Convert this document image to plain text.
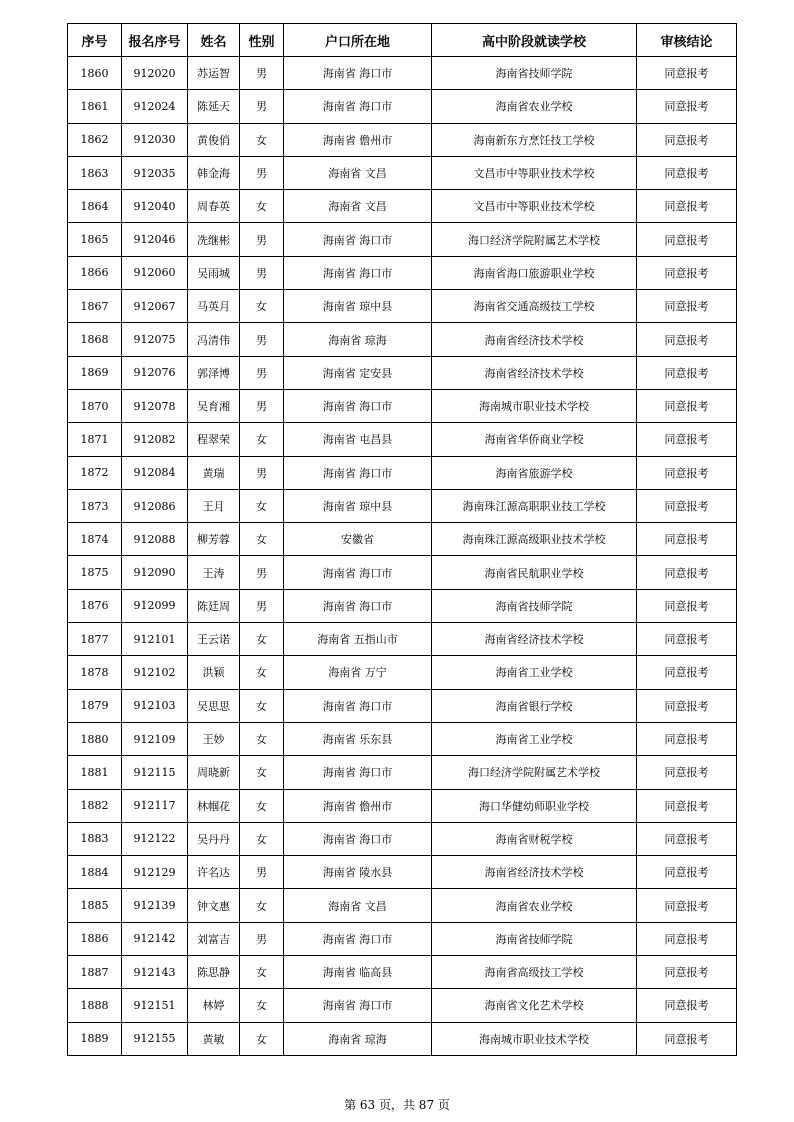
序号	报名序号	姓名	性别	户口所在地	高中阶段就读学校	审核结论
1860	912020	苏运智	男	海南省 海口市	海南省技师学院	同意报考
1861	912024	陈延天	男	海南省 海口市	海南省农业学校	同意报考
1862	912030	黄俊俏	女	海南省 儋州市	海南新东方烹饪技工学校	同意报考
1863	912035	韩金海	男	海南省 文昌	文昌市中等职业技术学校	同意报考
1864	912040	周春英	女	海南省 文昌	文昌市中等职业技术学校	同意报考
1865	912046	冼继彬	男	海南省 海口市	海口经济学院附属艺术学校	同意报考
1866	912060	吴雨城	男	海南省 海口市	海南省海口旅游职业学校	同意报考
1867	912067	马英月	女	海南省 琼中县	海南省交通高级技工学校	同意报考
1868	912075	冯清伟	男	海南省 琼海	海南省经济技术学校	同意报考
1869	912076	郭泽博	男	海南省 定安县	海南省经济技术学校	同意报考
1870	912078	吴育湘	男	海南省 海口市	海南城市职业技术学校	同意报考
1871	912082	程翠荣	女	海南省 屯昌县	海南省华侨商业学校	同意报考
1872	912084	黄瑞	男	海南省 海口市	海南省旅游学校	同意报考
1873	912086	王月	女	海南省 琼中县	海南珠江源高职职业技工学校	同意报考
1874	912088	柳芳蓉	女	安徽省	海南珠江源高级职业技术学校	同意报考
1875	912090	王涛	男	海南省 海口市	海南省民航职业学校	同意报考
1876	912099	陈廷周	男	海南省 海口市	海南省技师学院	同意报考
1877	912101	王云诺	女	海南省 五指山市	海南省经济技术学校	同意报考
1878	912102	洪颖	女	海南省 万宁	海南省工业学校	同意报考
1879	912103	吴思思	女	海南省 海口市	海南省银行学校	同意报考
1880	912109	王妙	女	海南省 乐东县	海南省工业学校	同意报考
1881	912115	周晓新	女	海南省 海口市	海口经济学院附属艺术学校	同意报考
1882	912117	林帼花	女	海南省 儋州市	海口华健幼师职业学校	同意报考
1883	912122	吴丹丹	女	海南省 海口市	海南省财税学校	同意报考
1884	912129	许名达	男	海南省 陵水县	海南省经济技术学校	同意报考
1885	912139	钟文惠	女	海南省 文昌	海南省农业学校	同意报考
1886	912142	刘富吉	男	海南省 海口市	海南省技师学院	同意报考
1887	912143	陈思静	女	海南省 临高县	海南省高级技工学校	同意报考
1888	912151	林婷	女	海南省 海口市	海南省文化艺术学校	同意报考
1889	912155	黄敏	女	海南省 琼海	海南城市职业技术学校	同意报考
第 63 页，共 87 页
